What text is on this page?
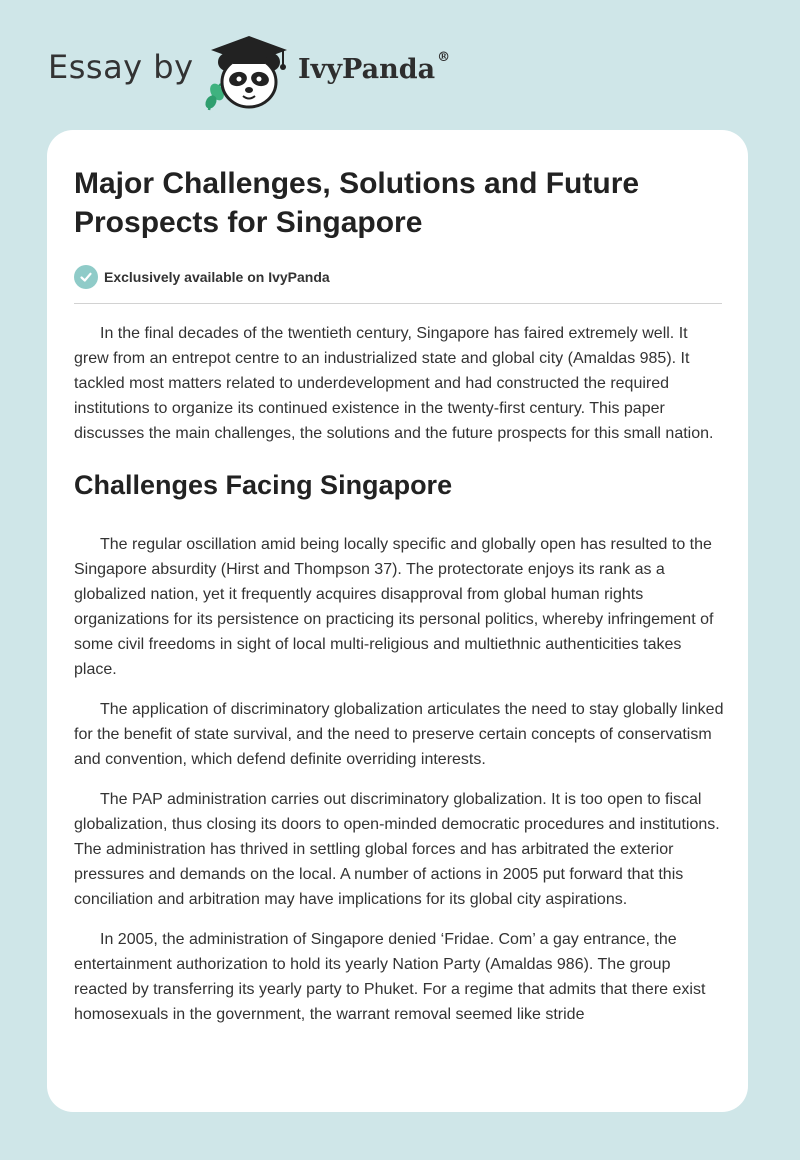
Essay by	IvyPanda ®
Major Challenges, Solutions and Future Prospects for Singapore
Exclusively available on IvyPanda

In the final decades of the twentieth century, Singapore has faired extremely well. It grew from an entrepot centre to an industrialized state and global city (Amaldas 985). It tackled most matters related to underdevelopment and had constructed the required institutions to organize its continued existence in the twenty-first century. This paper discusses the main challenges, the solutions and the future prospects for this small nation.

Challenges Facing Singapore

The regular oscillation amid being locally specific and globally open has resulted to the Singapore absurdity (Hirst and Thompson 37). The protectorate enjoys its rank as a globalized nation, yet it frequently acquires disapproval from global human rights organizations for its persistence on practicing its personal politics, whereby infringement of some civil freedoms in sight of local multi-religious and multiethnic authenticities takes place.

The application of discriminatory globalization articulates the need to stay globally linked for the benefit of state survival, and the need to preserve certain concepts of conservatism and convention, which defend definite overriding interests.

The PAP administration carries out discriminatory globalization. It is too open to fiscal globalization, thus closing its doors to open-minded democratic procedures and institutions. The administration has thrived in settling global forces and has arbitrated the exterior pressures and demands on the local. A number of actions in 2005 put forward that this conciliation and arbitration may have implications for its global city aspirations.

In 2005, the administration of Singapore denied ‘Fridae. Com’ a gay entrance, the entertainment authorization to hold its yearly Nation Party (Amaldas 986). The group reacted by transferring its yearly party to Phuket. For a regime that admits that there exist homosexuals in the government, the warrant removal seemed like stride
